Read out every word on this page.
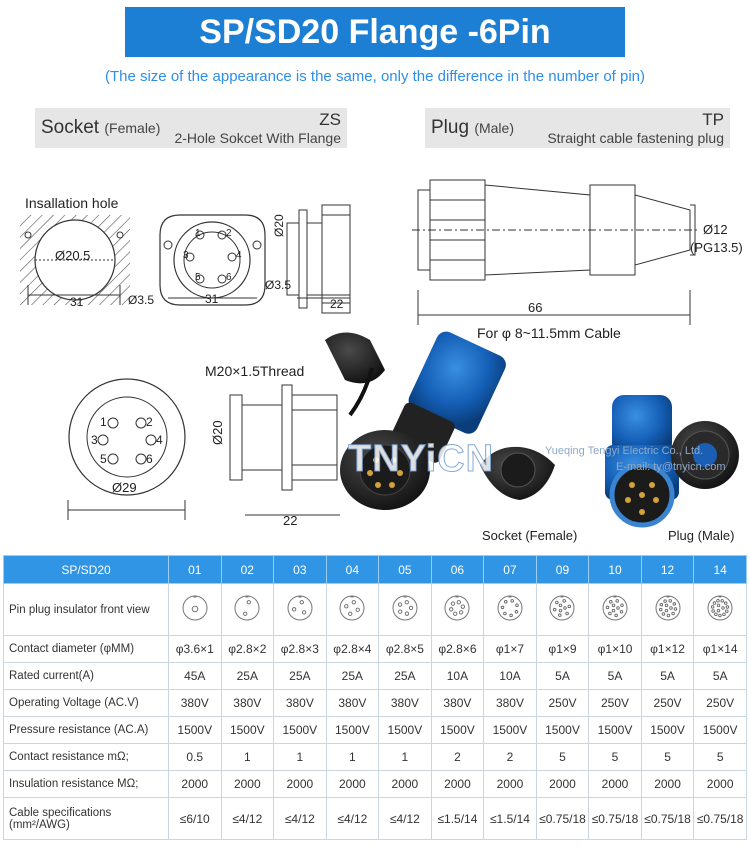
SP/SD20 Flange -6Pin
(The size of the appearance is the same, only the difference in the number of pin)
Socket (Female)	ZS
2-Hole Sokcet With Flange	Plug (Male)	TP
Straight cable fastening plug
Insallation hole
Ø20.5
31	Ø3.5	31
Ø3.5
Ø20
22
Ø12
(PG13.5)
66
For φ 8~11.5mm Cable
M20×1.5Thread
Ø29
Ø20
22
TNYiCN	Yueqing Tengyi Electric Co., Ltd.
E-mail: ty@tnyicn.com
Socket (Female)	Plug (Male)
1	2
3	4
5	6
1	2
3	4
5	6
SP/SD20	01	02	03	04	05	06	07	09	10	12	14
Pin plug insulator front view											
Contact diameter (φMM)	φ3.6×1	φ2.8×2	φ2.8×3	φ2.8×4	φ2.8×5	φ2.8×6	φ1×7	φ1×9	φ1×10	φ1×12	φ1×14
Rated current(A)	45A	25A	25A	25A	25A	10A	10A	5A	5A	5A	5A
Operating Voltage (AC.V)	380V	380V	380V	380V	380V	380V	380V	250V	250V	250V	250V
Pressure resistance (AC.A)	1500V	1500V	1500V	1500V	1500V	1500V	1500V	1500V	1500V	1500V	1500V
Contact resistance mΩ;	0.5	1	1	1	1	2	2	5	5	5	5
Insulation resistance MΩ;	2000	2000	2000	2000	2000	2000	2000	2000	2000	2000	2000
Cable specifications (mm²/AWG)	≤6/10	≤4/12	≤4/12	≤4/12	≤4/12	≤1.5/14	≤1.5/14	≤0.75/18	≤0.75/18	≤0.75/18	≤0.75/18
